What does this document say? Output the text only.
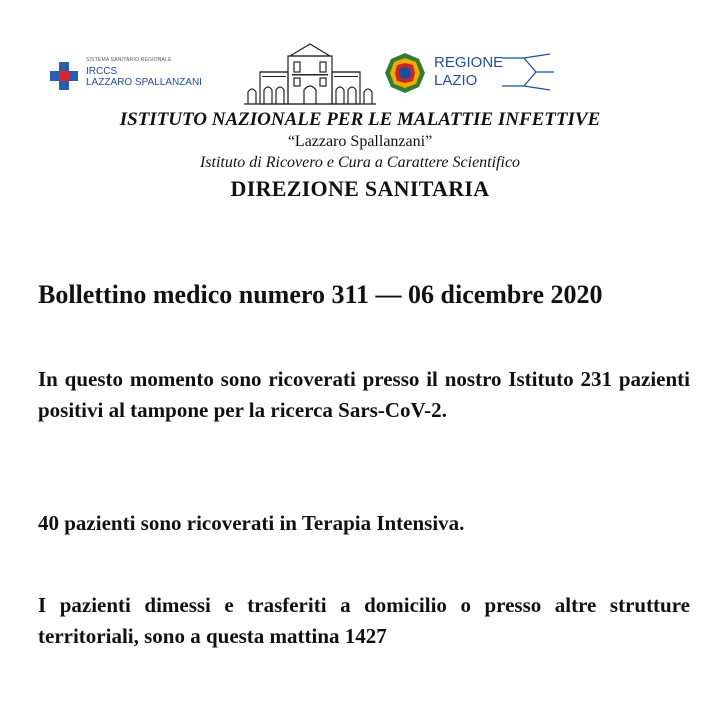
SISTEMA SANITARIO REGIONALE
IRCCS
LAZZARO SPALLANZANI
REGIONE
LAZIO

ISTITUTO NAZIONALE PER LE MALATTIE INFETTIVE

“Lazzaro Spallanzani”

Istituto di Ricovero e Cura a Carattere Scientifico

DIREZIONE SANITARIA

Bollettino medico numero 311 — 06 dicembre 2020

In questo momento sono ricoverati presso il nostro Istituto 231 pazienti positivi al tampone per la ricerca Sars-CoV-2.

40 pazienti sono ricoverati in Terapia Intensiva.

I pazienti dimessi e trasferiti a domicilio o presso altre strutture territoriali, sono a questa mattina 1427
